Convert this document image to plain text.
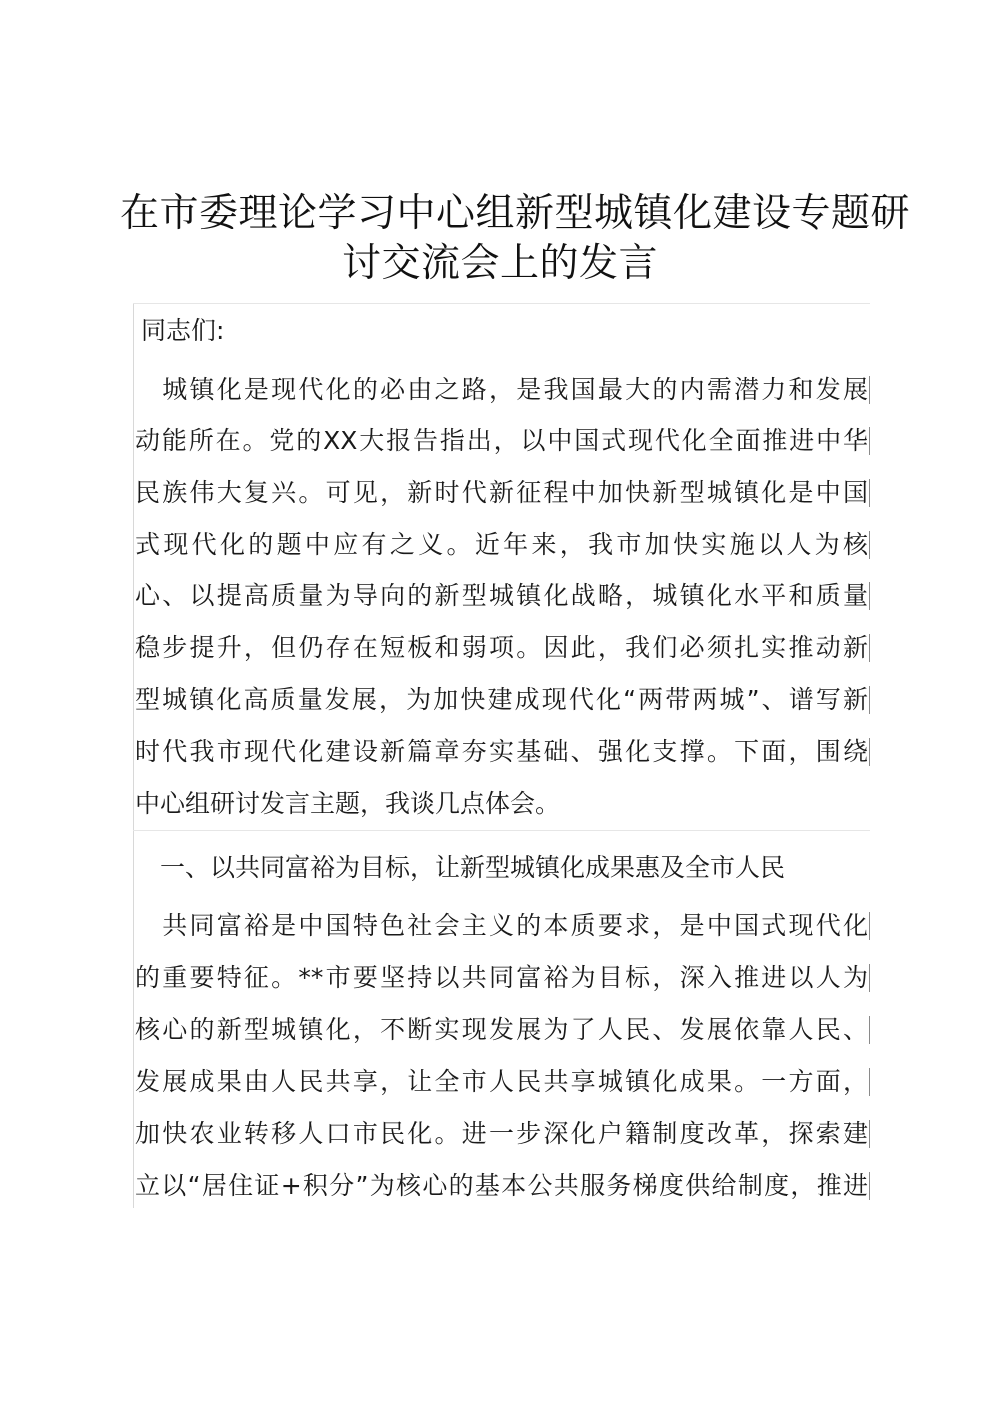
在市委理论学习中心组新型城镇化建设专题研
讨交流会上的发言
同志们:
　城镇化是现代化的必由之路，是我国最大的内需潜力和发展
动能所在。党的XX大报告指出，以中国式现代化全面推进中华
民族伟大复兴。可见，新时代新征程中加快新型城镇化是中国
式现代化的题中应有之义。近年来，我市加快实施以人为核
心、以提高质量为导向的新型城镇化战略，城镇化水平和质量
稳步提升，但仍存在短板和弱项。因此，我们必须扎实推动新
型城镇化高质量发展，为加快建成现代化“两带两城”、谱写新
时代我市现代化建设新篇章夯实基础、强化支撑。下面，围绕
中心组研讨发言主题，我谈几点体会。
　一、以共同富裕为目标，让新型城镇化成果惠及全市人民
　共同富裕是中国特色社会主义的本质要求，是中国式现代化
的重要特征。**市要坚持以共同富裕为目标，深入推进以人为
核心的新型城镇化，不断实现发展为了人民、发展依靠人民、
发展成果由人民共享，让全市人民共享城镇化成果。一方面，
加快农业转移人口市民化。进一步深化户籍制度改革，探索建
立以“居住证+积分”为核心的基本公共服务梯度供给制度，推进
